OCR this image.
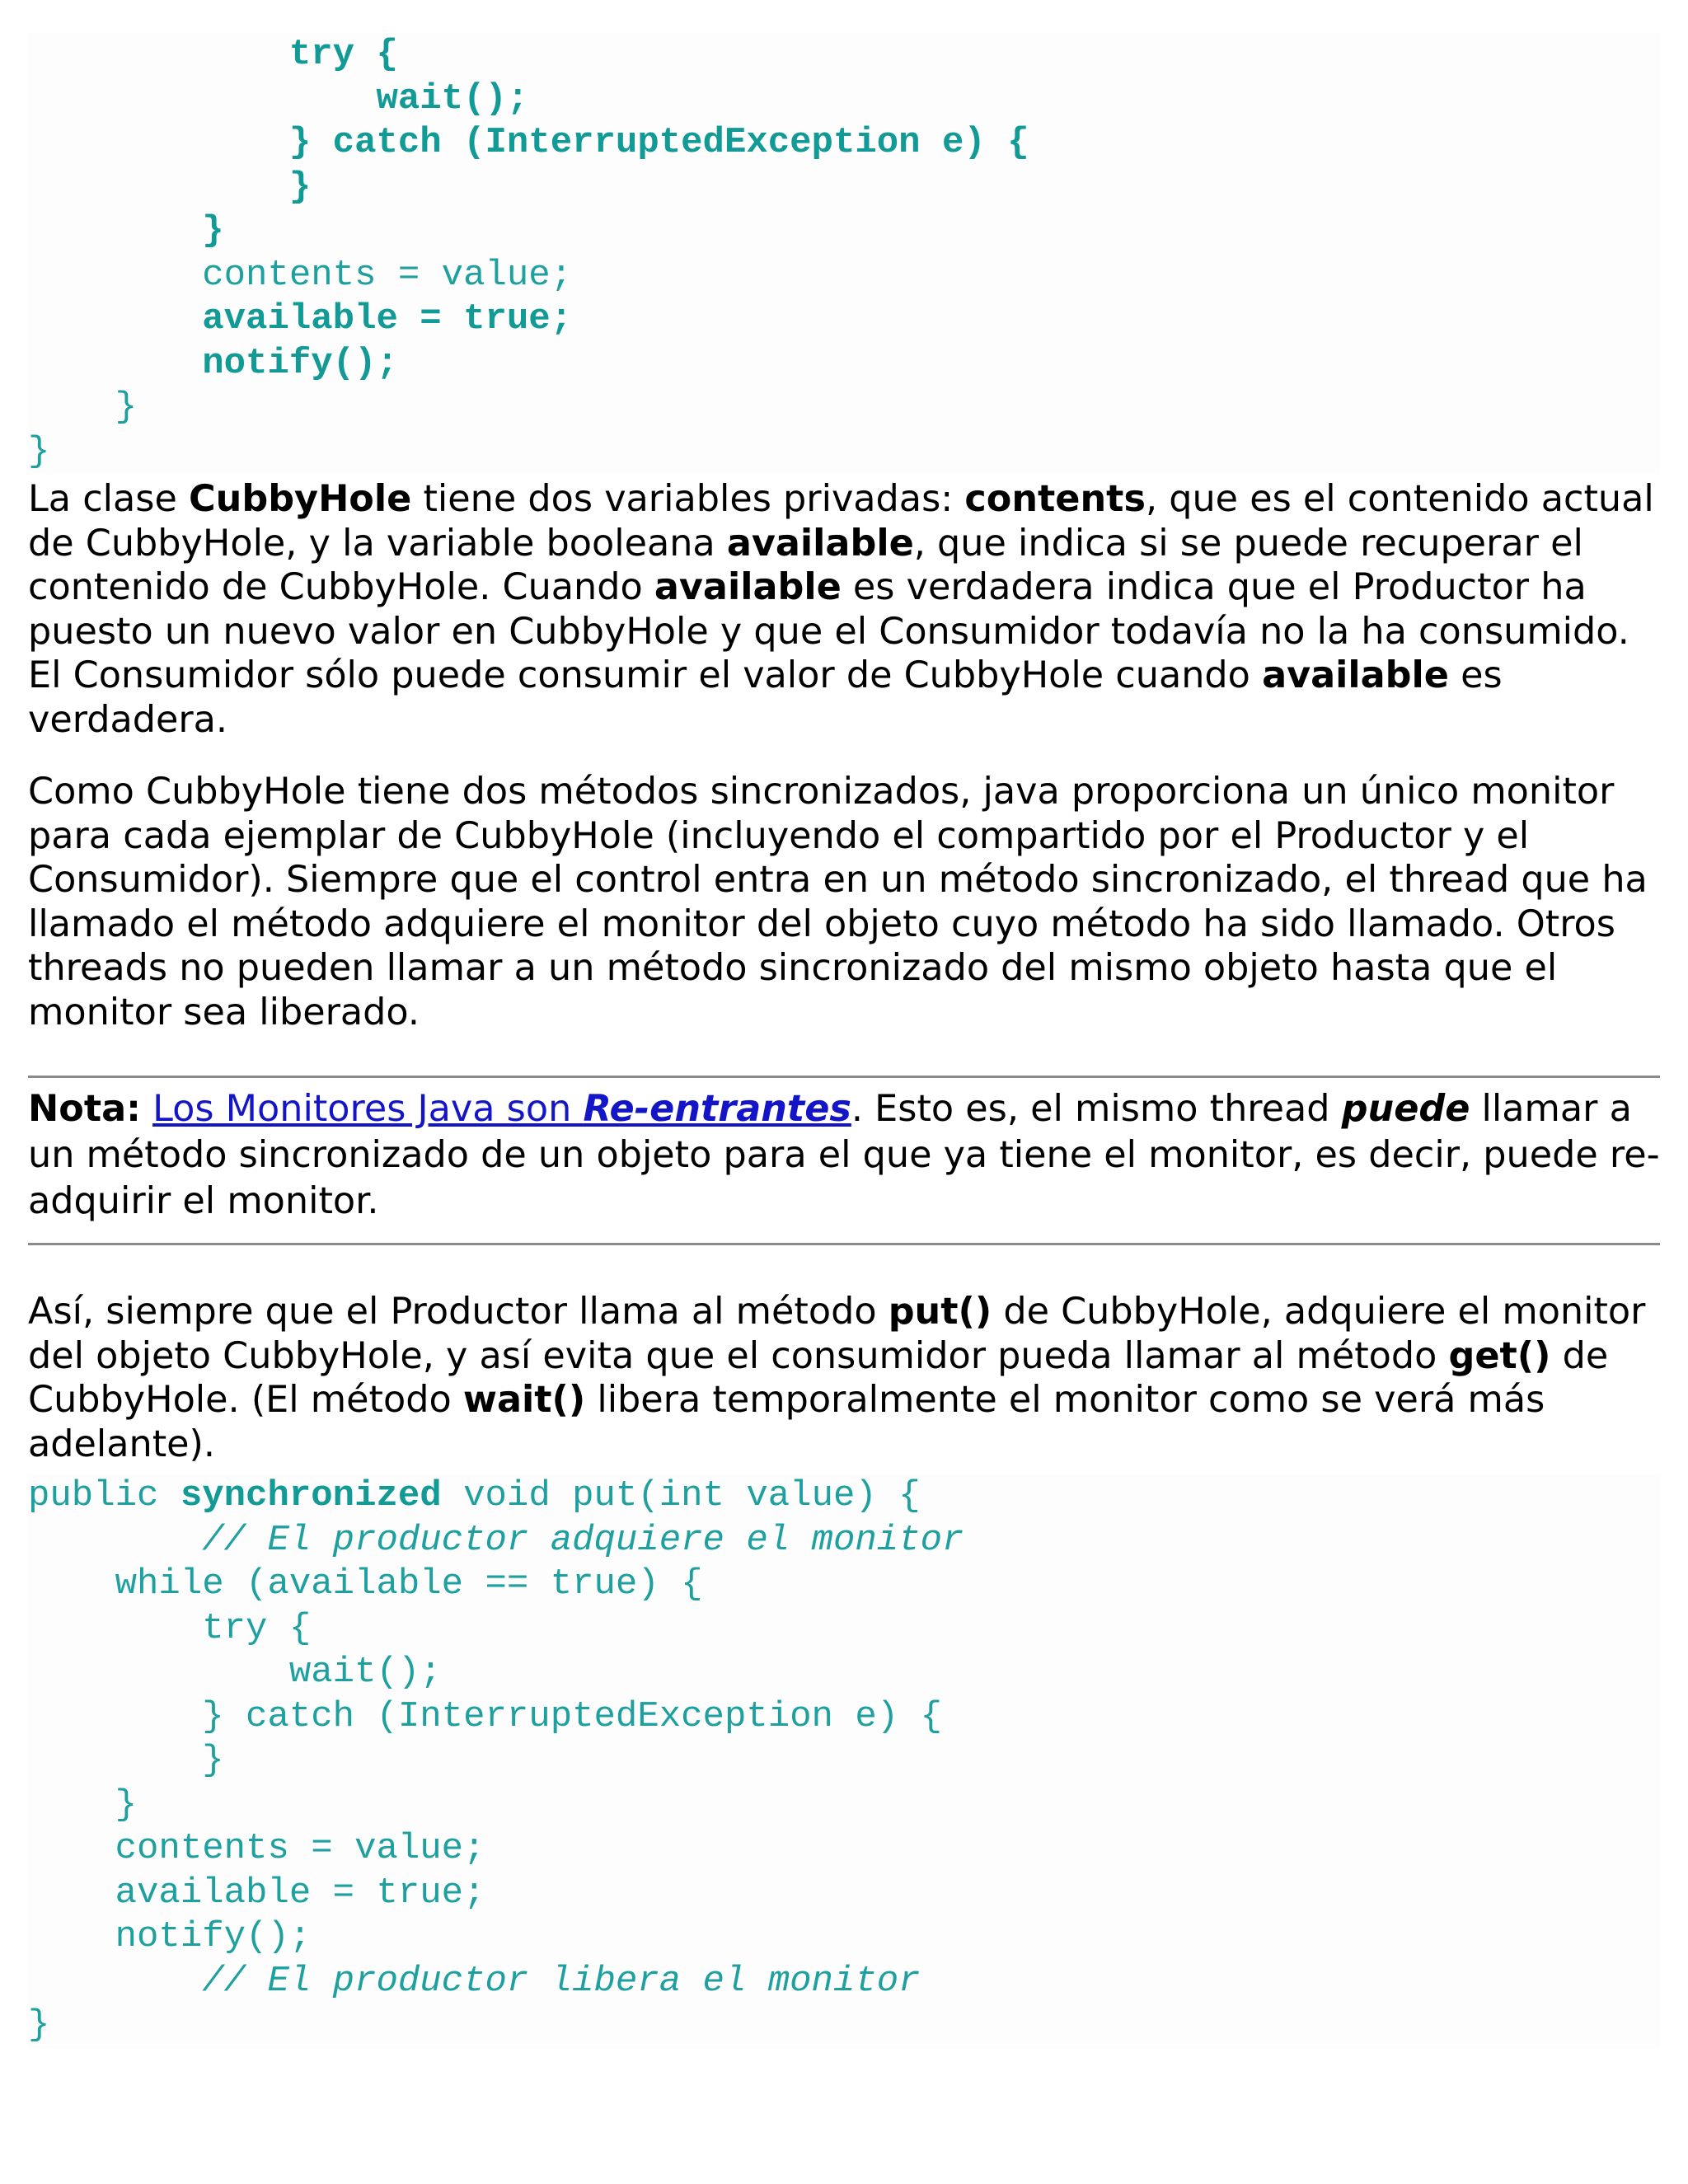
try {
wait();
} catch (InterruptedException e) {
}
}
contents = value;
available = true;
notify();
}
}

La clase CubbyHole tiene dos variables privadas: contents, que es el contenido actual de CubbyHole, y la variable booleana available, que indica si se puede recuperar el contenido de CubbyHole. Cuando available es verdadera indica que el Productor ha puesto un nuevo valor en CubbyHole y que el Consumidor todavía no la ha consumido. El Consumidor sólo puede consumir el valor de CubbyHole cuando available es verdadera.

Como CubbyHole tiene dos métodos sincronizados, java proporciona un único monitor para cada ejemplar de CubbyHole (incluyendo el compartido por el Productor y el Consumidor). Siempre que el control entra en un método sincronizado, el thread que ha llamado el método adquiere el monitor del objeto cuyo método ha sido llamado. Otros threads no pueden llamar a un método sincronizado del mismo objeto hasta que el monitor sea liberado.

Nota: Los Monitores Java son Re-entrantes. Esto es, el mismo thread puede llamar a un método sincronizado de un objeto para el que ya tiene el monitor, es decir, puede re-adquirir el monitor.

Así, siempre que el Productor llama al método put() de CubbyHole, adquiere el monitor del objeto CubbyHole, y así evita que el consumidor pueda llamar al método get() de CubbyHole. (El método wait() libera temporalmente el monitor como se verá más adelante).

public synchronized void put(int value) {
// El productor adquiere el monitor
while (available == true) {
try {
wait();
} catch (InterruptedException e) {
}
}
contents = value;
available = true;
notify();
// El productor libera el monitor
}
